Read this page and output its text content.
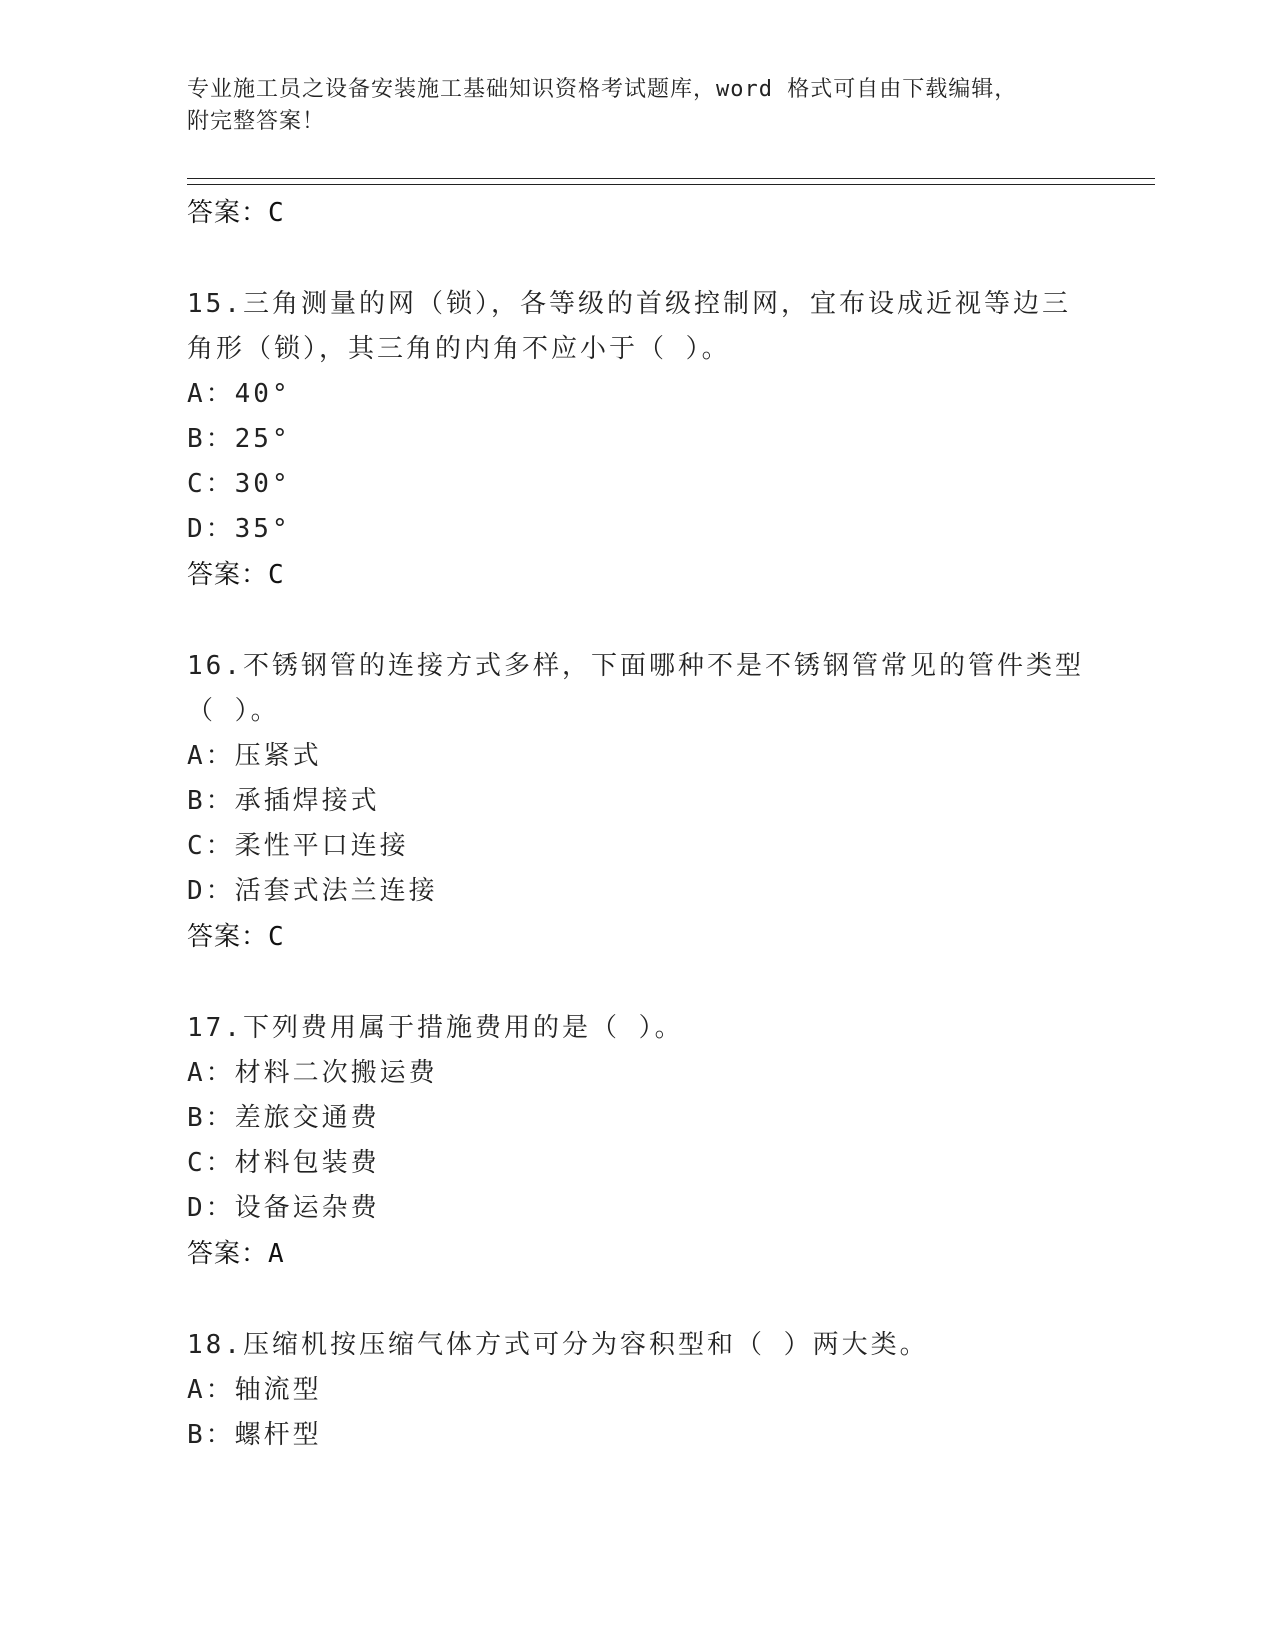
专业施工员之设备安装施工基础知识资格考试题库，word 格式可自由下载编辑，
附完整答案！
答案：C
15.三角测量的网（锁），各等级的首级控制网，宜布设成近视等边三
角形（锁），其三角的内角不应小于（ ）。
A：40°
B：25°
C：30°
D：35°
答案：C
16.不锈钢管的连接方式多样，下面哪种不是不锈钢管常见的管件类型
（ ）。
A：压紧式
B：承插焊接式
C：柔性平口连接
D：活套式法兰连接
答案：C
17.下列费用属于措施费用的是（ ）。
A：材料二次搬运费
B：差旅交通费
C：材料包装费
D：设备运杂费
答案：A
18.压缩机按压缩气体方式可分为容积型和（ ）两大类。
A：轴流型
B：螺杆型
